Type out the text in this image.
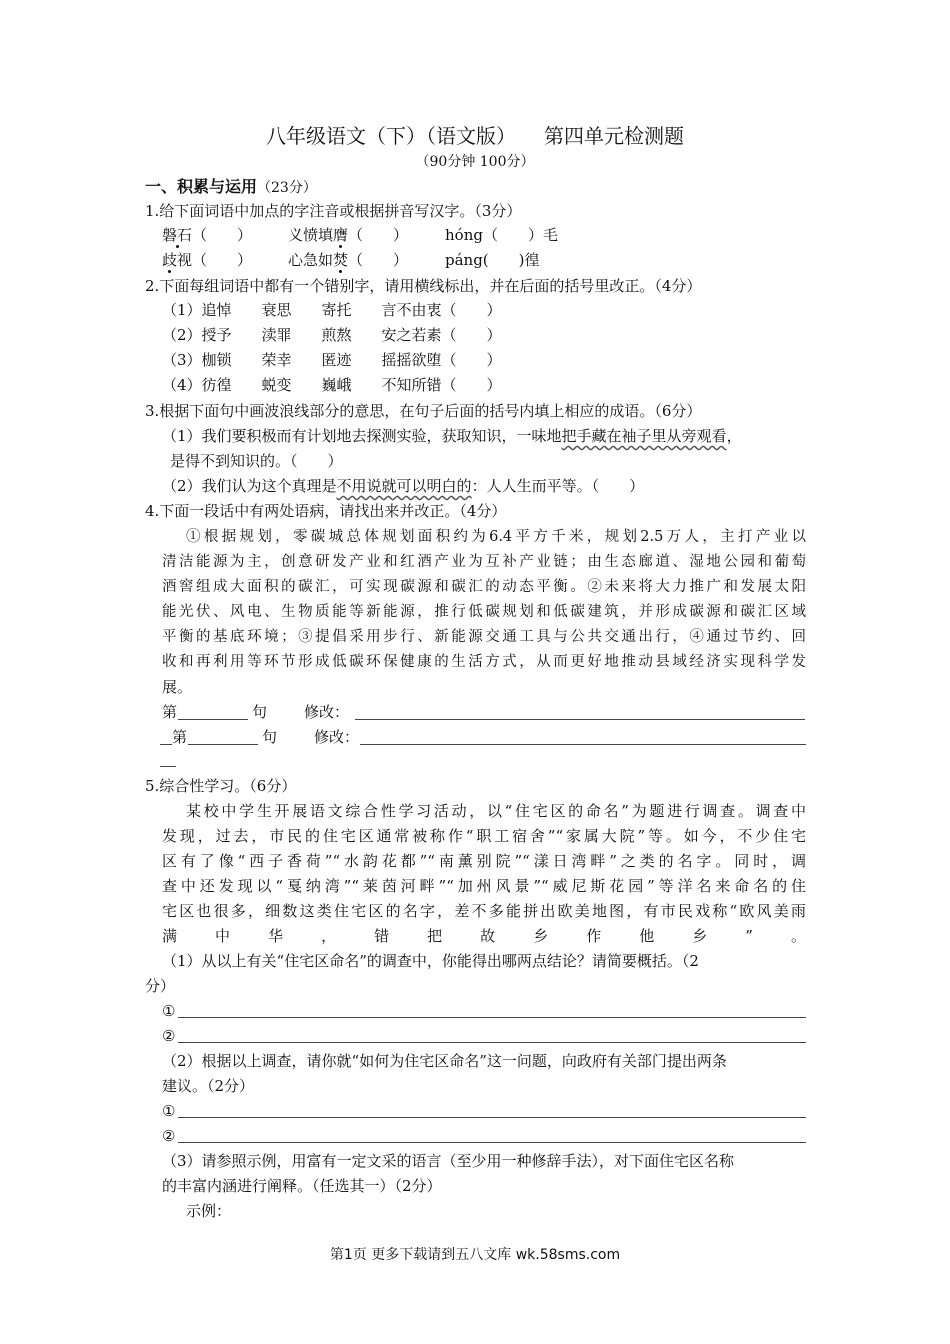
八年级语文（下）（语文版） 第四单元检测题
（90分钟 100分）
一、积累与运用（23分）
1.给下面词语中加点的字注音或根据拼音写汉字。（3分）
磐石（　　） 义愤填膺（　　） hóng（　　）毛
歧视（　　） 心急如焚（　　） páng(　　)徨
2.下面每组词语中都有一个错别字，请用横线标出，并在后面的括号里改正。（4分）
（1）追悼　　衰思　　寄托　　言不由衷（　　）
（2）授予　　渎罪　　煎熬　　安之若素（　　）
（3）枷锁　　荣幸　　匿迹　　摇摇欲堕（　　）
（4）彷徨　　蜕变　　巍峨　　不知所错（　　）
3.根据下面句中画波浪线部分的意思，在句子后面的括号内填上相应的成语。（6分）
（1）我们要积极而有计划地去探测实验，获取知识，一味地把手藏在袖子里从旁观看，
是得不到知识的。（　　）
（2）我们认为这个真理是不用说就可以明白的：人人生而平等。（　　）
4.下面一段话中有两处语病，请找出来并改正。（4分）
①根据规划，零碳城总体规划面积约为6.4平方千米，规划2.5万人，主打产业以
清洁能源为主，创意研发产业和红酒产业为互补产业链；由生态廊道、湿地公园和葡萄
酒窖组成大面积的碳汇，可实现碳源和碳汇的动态平衡。②未来将大力推广和发展太阳
能光伏、风电、生物质能等新能源，推行低碳规划和低碳建筑，并形成碳源和碳汇区域
平衡的基底环境；③提倡采用步行、新能源交通工具与公共交通出行，④通过节约、回
收和再利用等环节形成低碳环保健康的生活方式，从而更好地推动县域经济实现科学发
展。
第	句 修改：
第	句 修改：
5.综合性学习。（6分）
某校中学生开展语文综合性学习活动，以“住宅区的命名”为题进行调查。调查中
发现，过去，市民的住宅区通常被称作“职工宿舍”“家属大院”等。如今，不少住宅
区有了像“西子香荷”“水韵花都”“南薰别院”“漾日湾畔”之类的名字。同时，调
查中还发现以“戛纳湾”“莱茵河畔”“加州风景”“威尼斯花园”等洋名来命名的住
宅区也很多，细数这类住宅区的名字，差不多能拼出欧美地图，有市民戏称“欧风美雨
满中华，错把故乡作他乡”。
（1）从以上有关“住宅区命名”的调查中，你能得出哪两点结论？请简要概括。（2
分）
①
②
（2）根据以上调查，请你就“如何为住宅区命名”这一问题，向政府有关部门提出两条
建议。（2分）
①
②
（3）请参照示例，用富有一定文采的语言（至少用一种修辞手法），对下面住宅区名称
的丰富内涵进行阐释。（任选其一）（2分）
示例：
第1页 更多下载请到五八文库 wk.58sms.com
